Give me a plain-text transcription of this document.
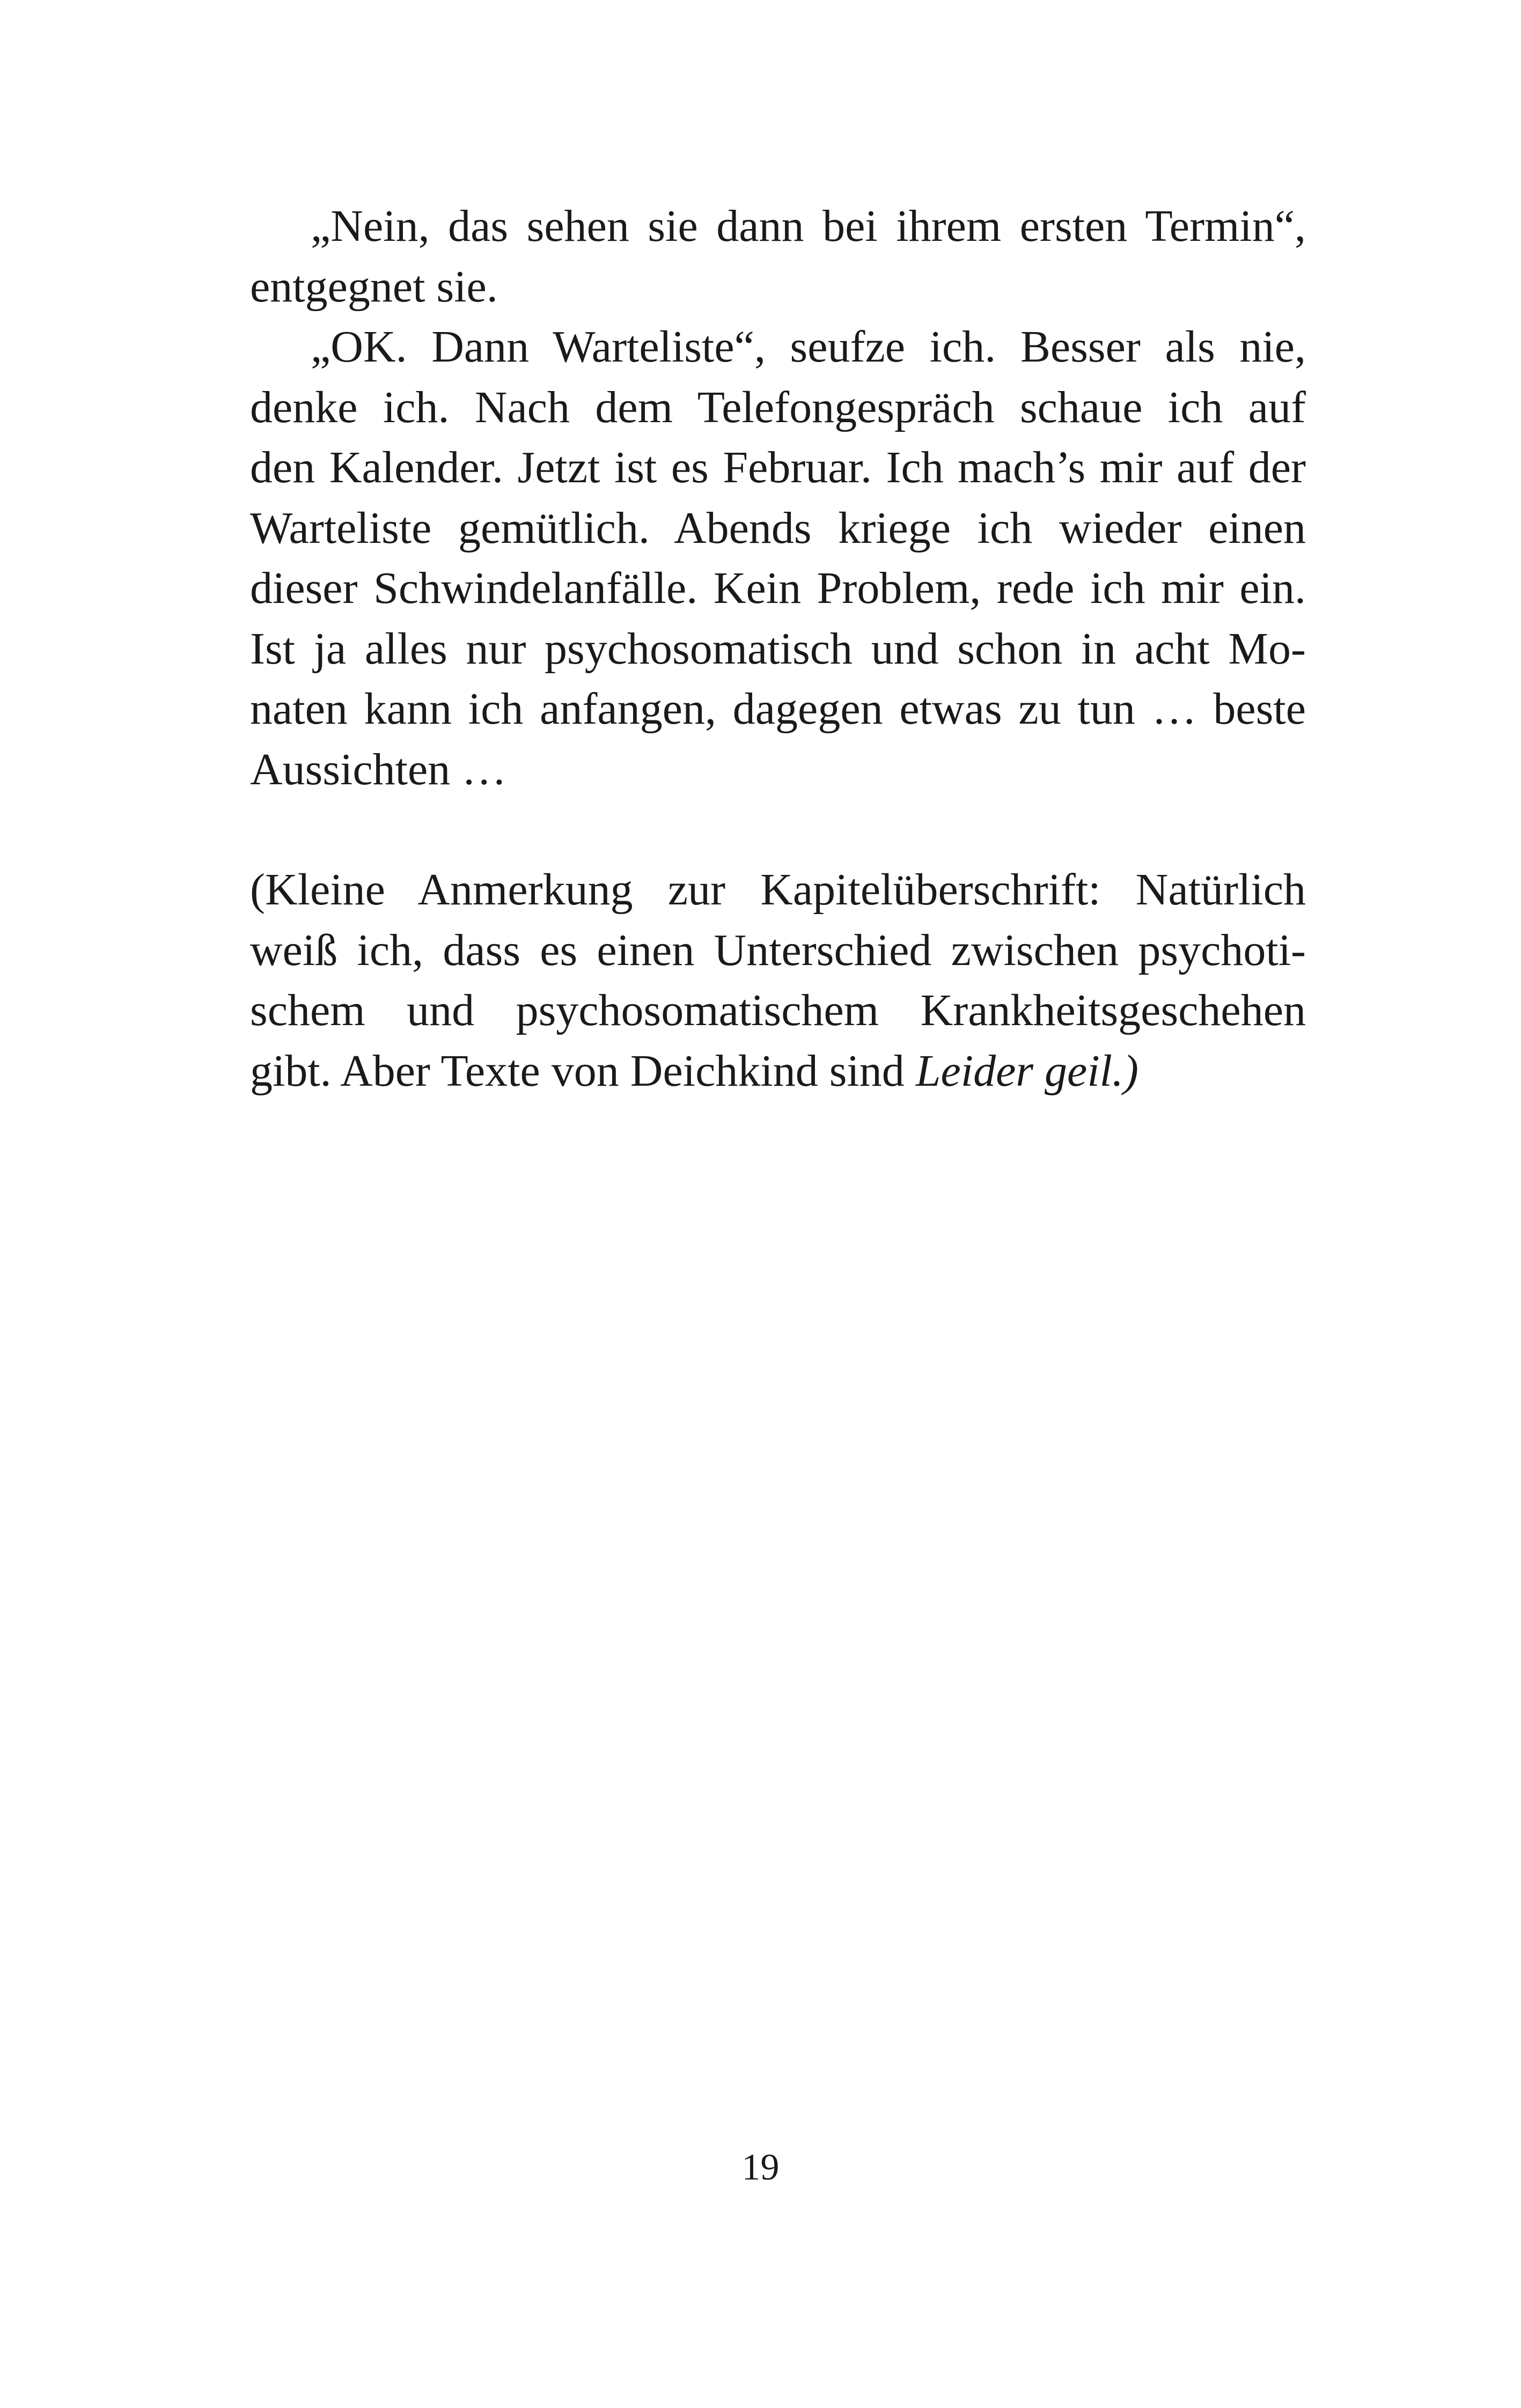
„Nein, das sehen sie dann bei ihrem ersten Termin“,
entgegnet sie.

„OK. Dann Warteliste“, seufze ich. Besser als nie,
denke ich. Nach dem Telefongespräch schaue ich auf
den Kalender. Jetzt ist es Februar. Ich mach’s mir auf der
Warteliste gemütlich. Abends kriege ich wieder einen
dieser Schwindelanfälle. Kein Problem, rede ich mir ein.
Ist ja alles nur psychosomatisch und schon in acht Mo-
naten kann ich anfangen, dagegen etwas zu tun … beste
Aussichten …

(Kleine Anmerkung zur Kapitelüberschrift: Natürlich
weiß ich, dass es einen Unterschied zwischen psychoti-
schem und psychosomatischem Krankheitsgeschehen
gibt. Aber Texte von Deichkind sind Leider geil.)

19
